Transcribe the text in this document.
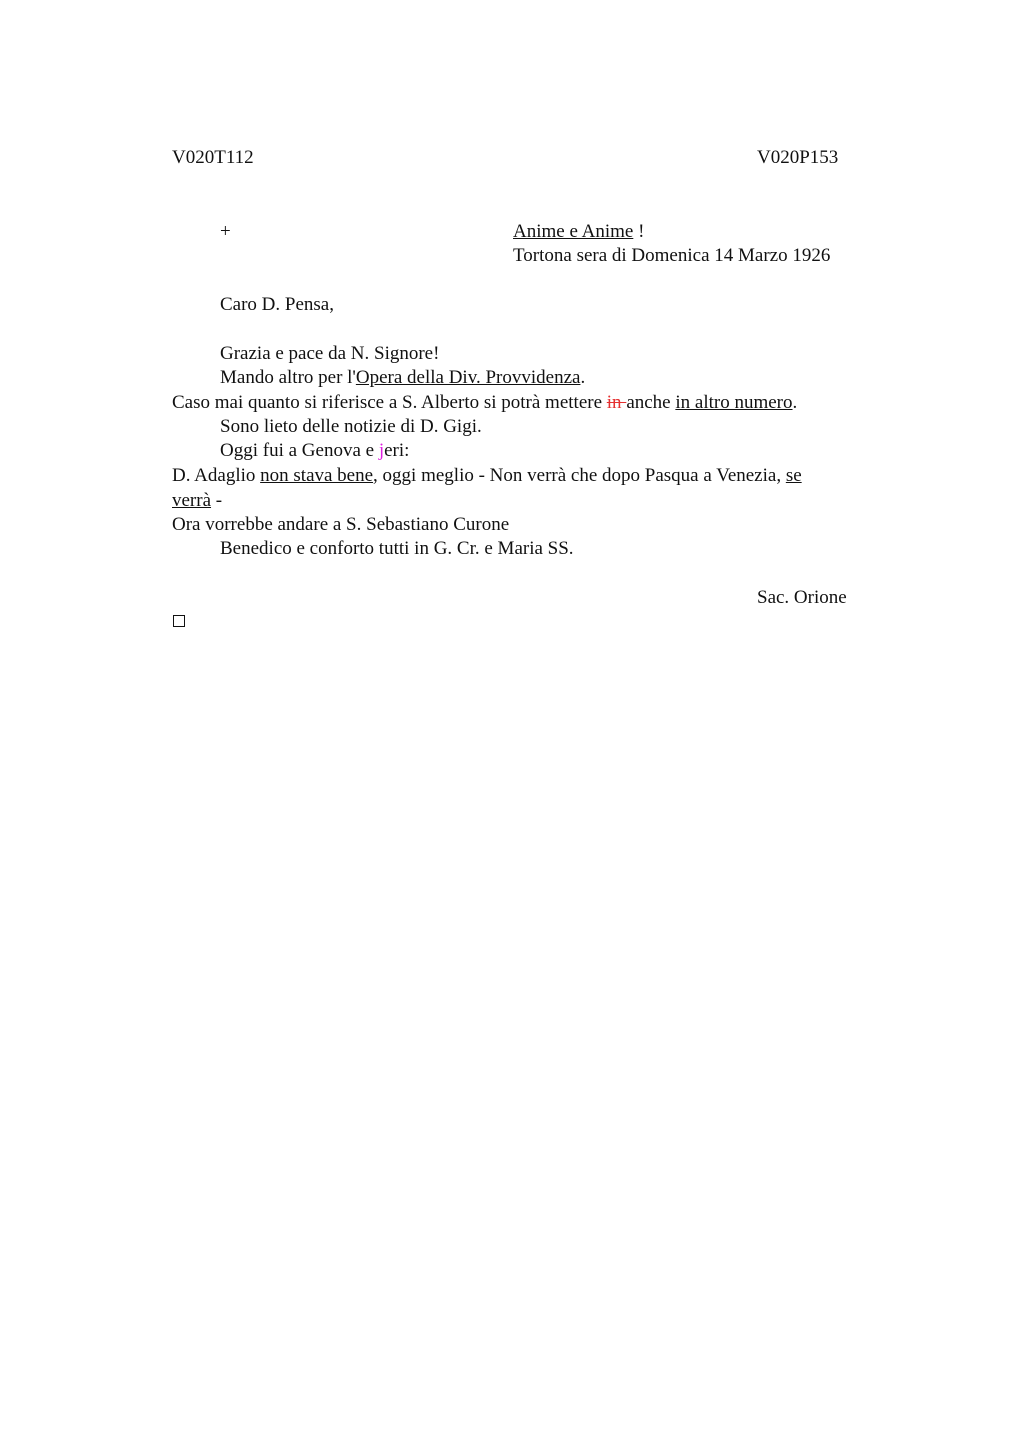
V020T112	V020P153
+	Anime e Anime !
Tortona sera di Domenica 14 Marzo 1926
Caro D. Pensa,
Grazia e pace da N. Signore!
Mando altro per l'Opera della Div. Provvidenza.
Caso mai quanto si riferisce a S. Alberto si potrà mettere in anche in altro numero.
Sono lieto delle notizie di D. Gigi.
Oggi fui a Genova e jeri:
D. Adaglio non stava bene, oggi meglio - Non verrà che dopo Pasqua a Venezia, se
verrà -
Ora vorrebbe andare a S. Sebastiano Curone
Benedico e conforto tutti in G. Cr. e Maria SS.
Sac. Orione
